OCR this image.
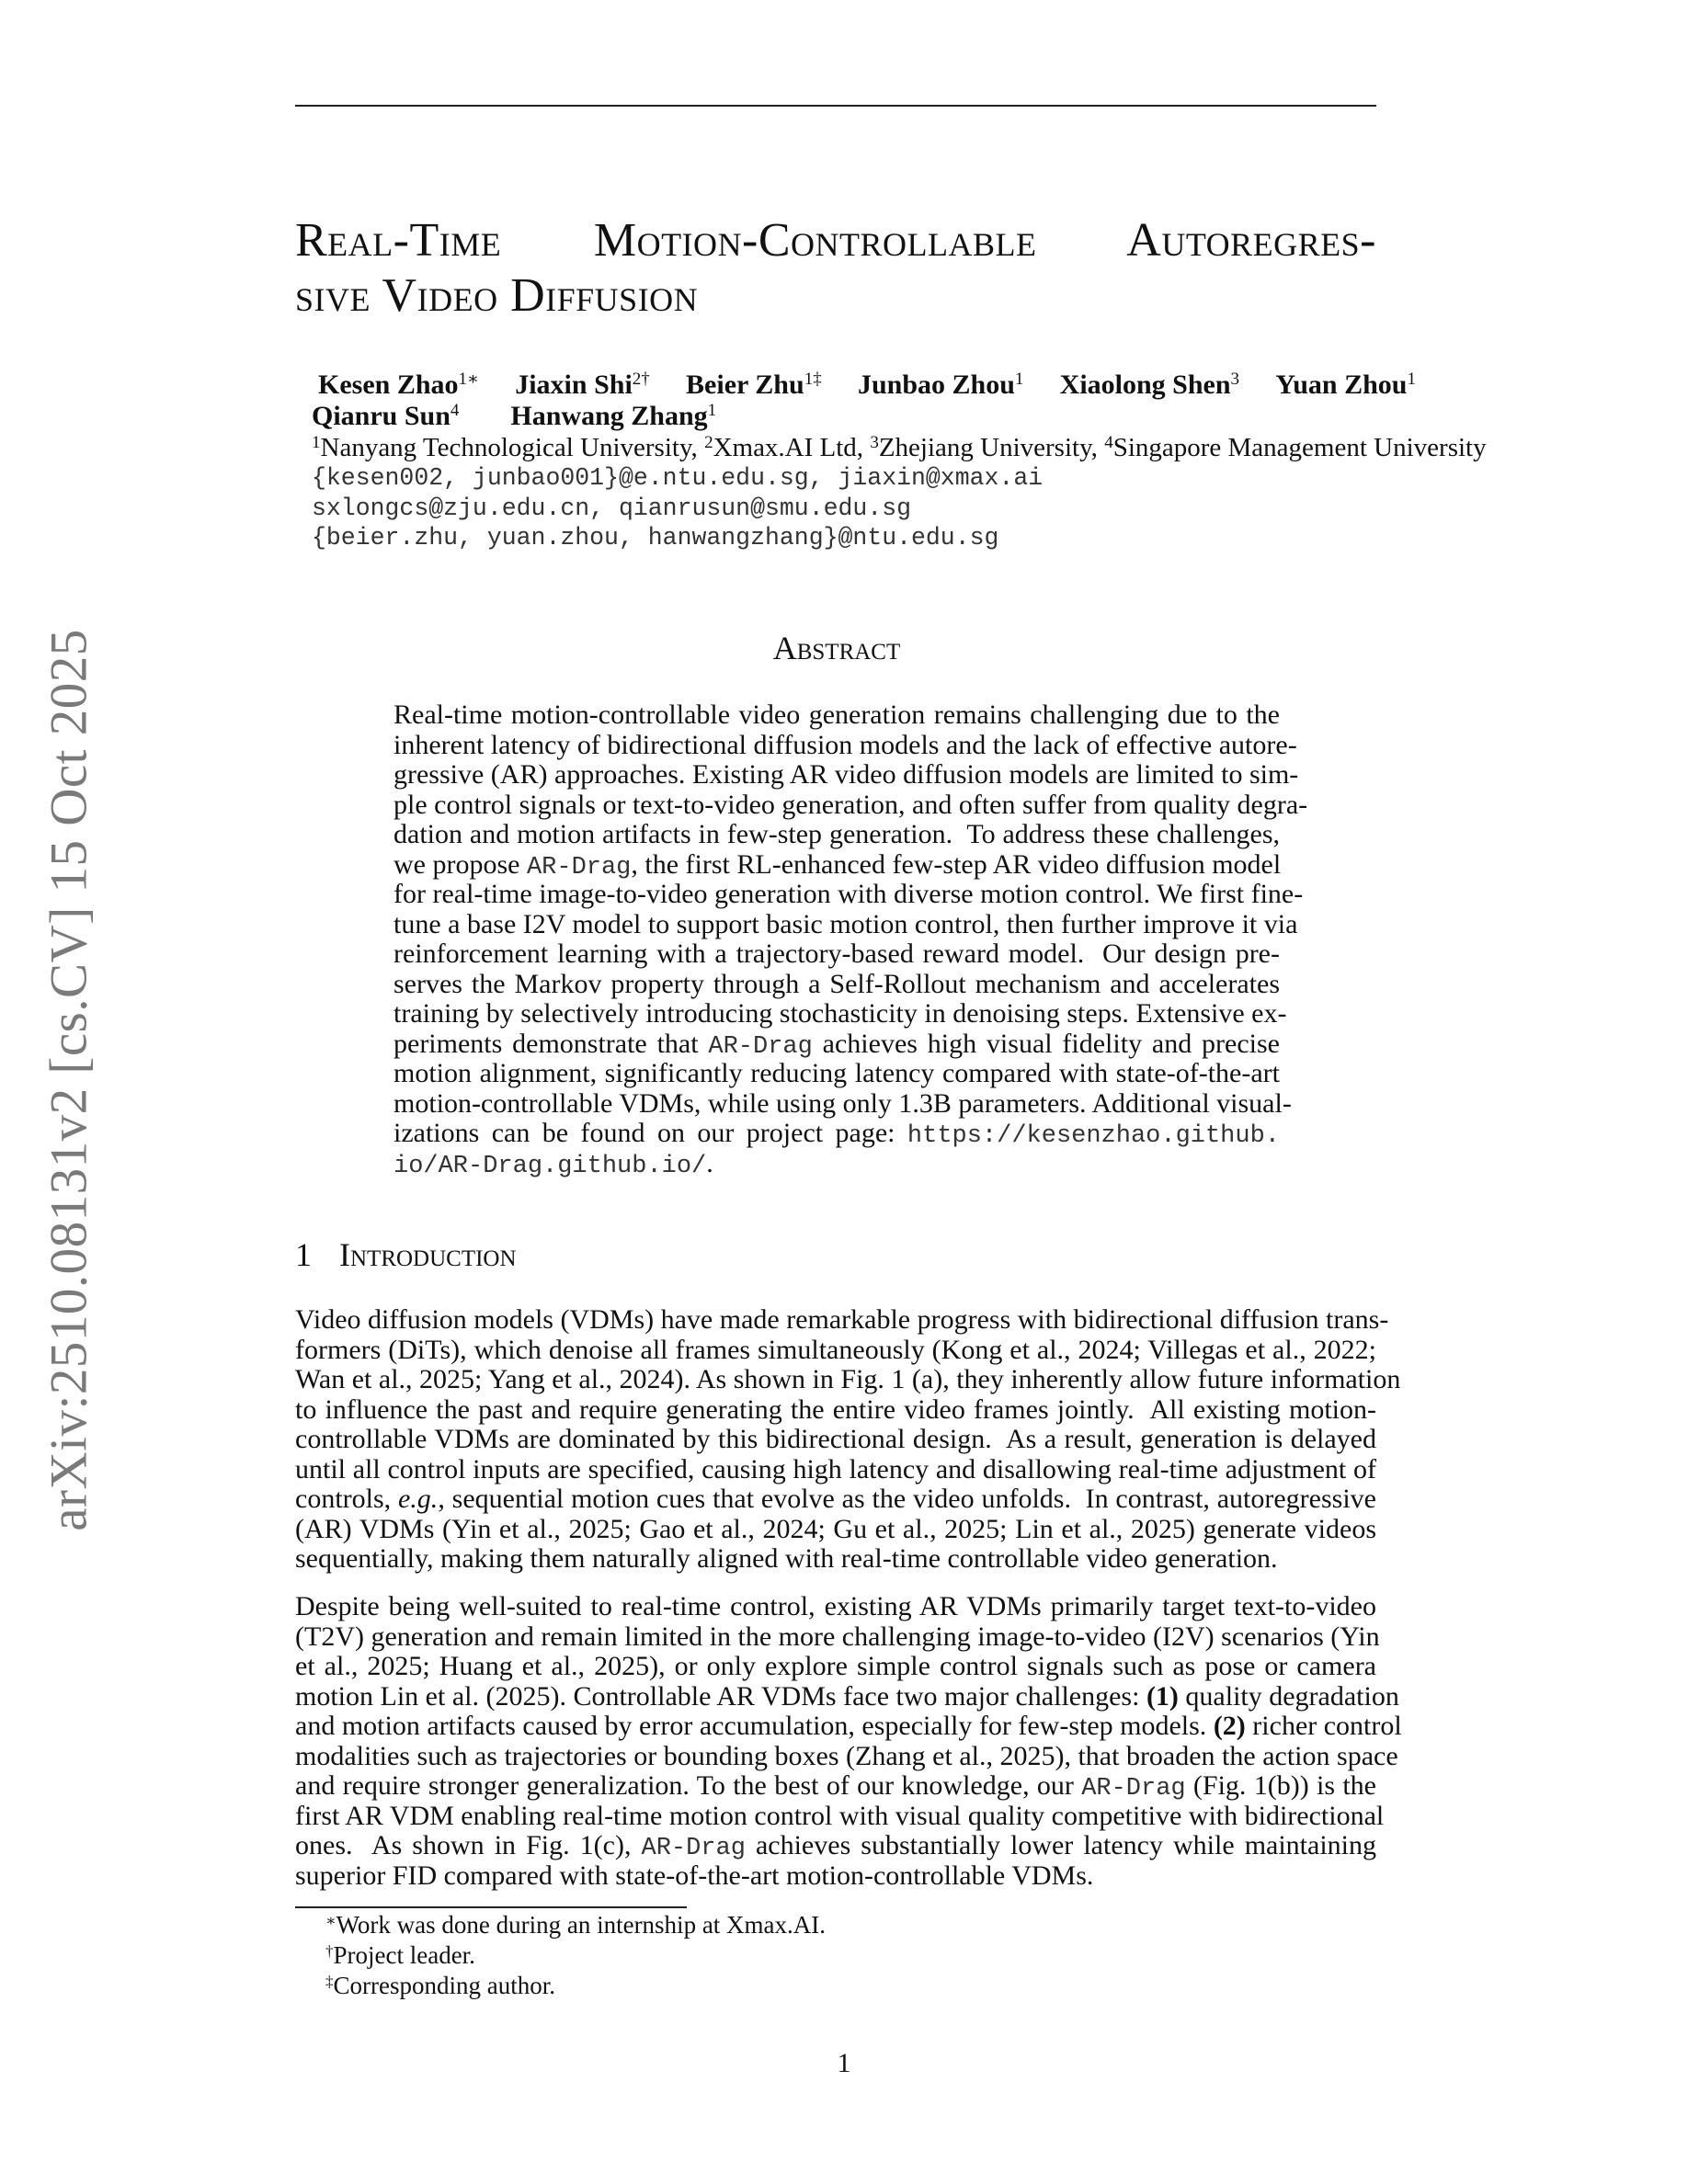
arXiv:2510.08131v2 [cs.CV] 15 Oct 2025
Real-Time Motion-Controllable Autoregres-
sive Video Diffusion
Kesen Zhao$^{1∗}$ Jiaxin Shi$^{2\dagger}$ Beier Zhu$^{1\ddagger}$ Junbao Zhou$^1$ Xiaolong Shen$^3$ Yuan Zhou$^1$
Qianru Sun$^4$ Hanwang Zhang$^1$
$^1$Nanyang Technological University, $^2$Xmax.AI Ltd, $^3$Zhejiang University, $^4$Singapore Management University
{kesen002, junbao001}@e.ntu.edu.sg, jiaxin@xmax.ai
sxlongcs@zju.edu.cn, qianrusun@smu.edu.sg
{beier.zhu, yuan.zhou, hanwangzhang}@ntu.edu.sg
Abstract
Real-time motion-controllable video generation remains challenging due to the
inherent latency of bidirectional diffusion models and the lack of effective autore-
gressive (AR) approaches. Existing AR video diffusion models are limited to sim-
ple control signals or text-to-video generation, and often suffer from quality degra-
dation and motion artifacts in few-step generation.  To address these challenges,
we propose AR-Drag, the first RL-enhanced few-step AR video diffusion model
for real-time image-to-video generation with diverse motion control. We first fine-
tune a base I2V model to support basic motion control, then further improve it via
reinforcement learning with a trajectory-based reward model.  Our design pre-
serves the Markov property through a Self-Rollout mechanism and accelerates
training by selectively introducing stochasticity in denoising steps. Extensive ex-
periments demonstrate that AR-Drag achieves high visual fidelity and precise
motion alignment, significantly reducing latency compared with state-of-the-art
motion-controllable VDMs, while using only 1.3B parameters. Additional visual-
izations can be found on our project page: https://kesenzhao.github.
io/AR-Drag.github.io/.
1 Introduction
Video diffusion models (VDMs) have made remarkable progress with bidirectional diffusion trans-
formers (DiTs), which denoise all frames simultaneously (Kong et al., 2024; Villegas et al., 2022;
Wan et al., 2025; Yang et al., 2024). As shown in Fig. 1 (a), they inherently allow future information
to influence the past and require generating the entire video frames jointly.  All existing motion-
controllable VDMs are dominated by this bidirectional design.  As a result, generation is delayed
until all control inputs are specified, causing high latency and disallowing real-time adjustment of
controls, e.g., sequential motion cues that evolve as the video unfolds.  In contrast, autoregressive
(AR) VDMs (Yin et al., 2025; Gao et al., 2024; Gu et al., 2025; Lin et al., 2025) generate videos
sequentially, making them naturally aligned with real-time controllable video generation.
Despite being well-suited to real-time control, existing AR VDMs primarily target text-to-video
(T2V) generation and remain limited in the more challenging image-to-video (I2V) scenarios (Yin
et al., 2025; Huang et al., 2025), or only explore simple control signals such as pose or camera
motion Lin et al. (2025). Controllable AR VDMs face two major challenges: (1) quality degradation
and motion artifacts caused by error accumulation, especially for few-step models. (2) richer control
modalities such as trajectories or bounding boxes (Zhang et al., 2025), that broaden the action space
and require stronger generalization. To the best of our knowledge, our AR-Drag (Fig. 1(b)) is the
first AR VDM enabling real-time motion control with visual quality competitive with bidirectional
ones.  As shown in Fig. 1(c), AR-Drag achieves substantially lower latency while maintaining
superior FID compared with state-of-the-art motion-controllable VDMs.
∗Work was done during an internship at Xmax.AI.
†Project leader.
‡Corresponding author.
1
